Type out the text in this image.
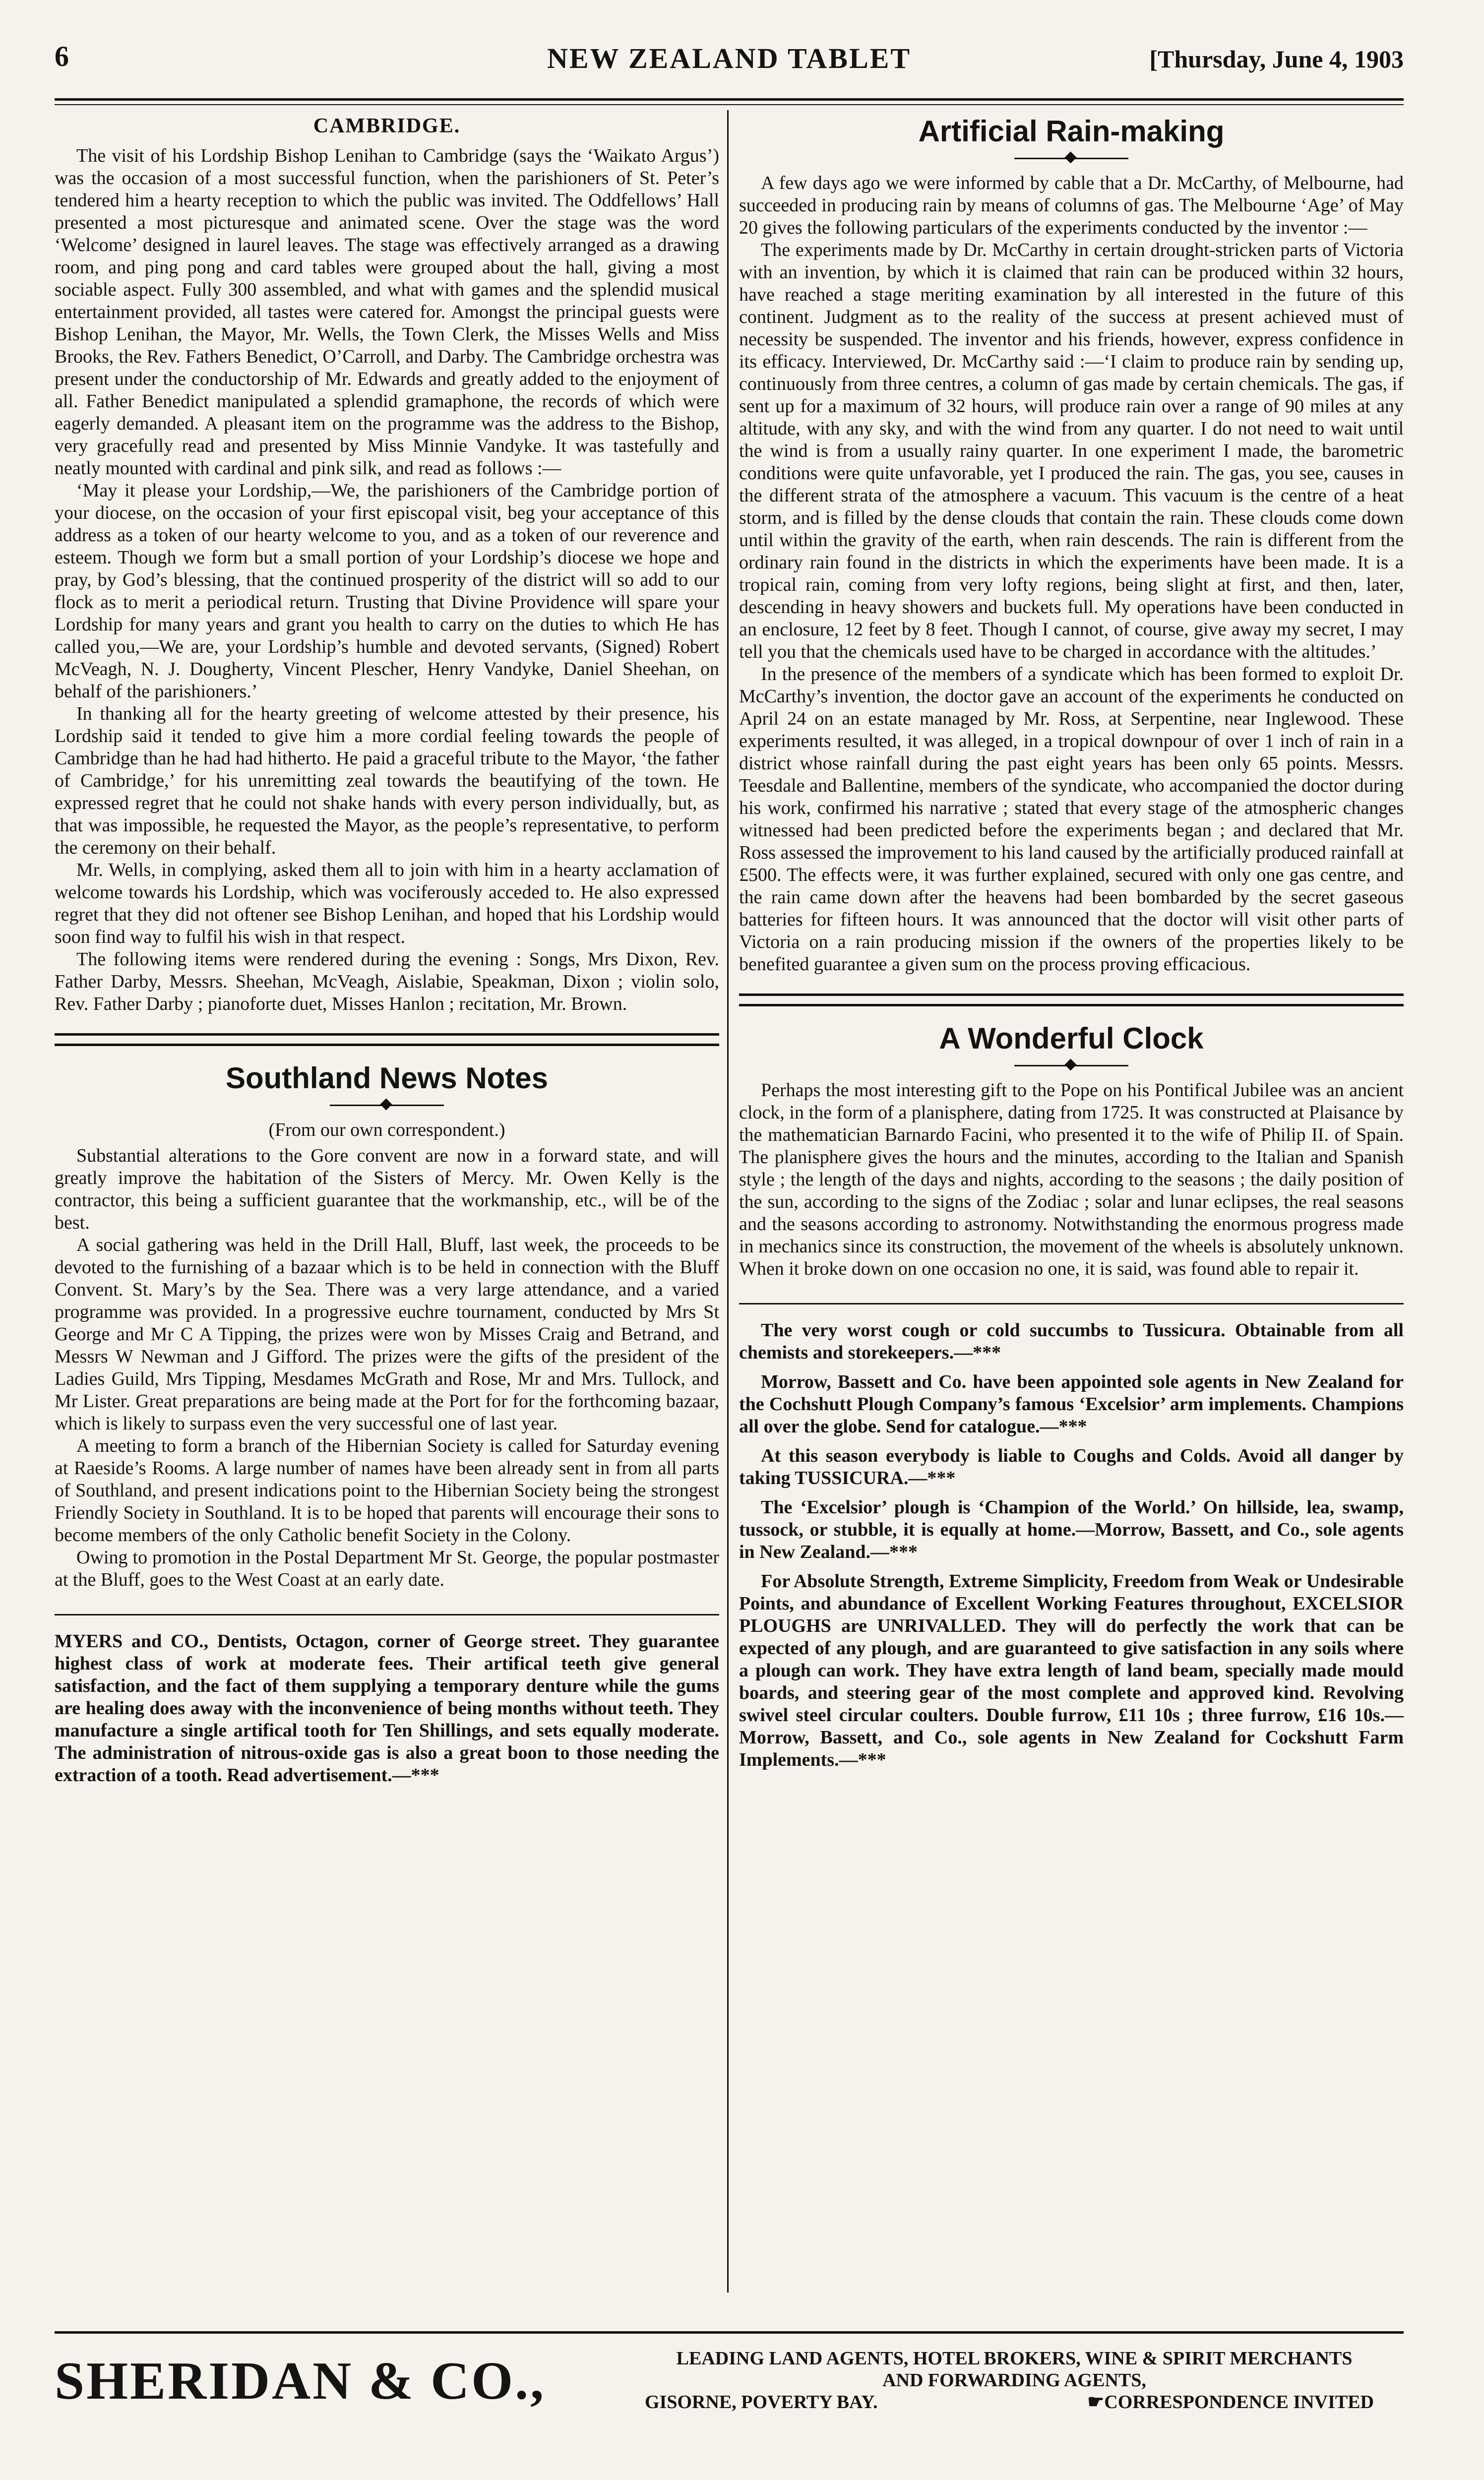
6	NEW ZEALAND TABLET	[Thursday, June 4, 1903
CAMBRIDGE.

The visit of his Lordship Bishop Lenihan to Cambridge (says the ‘Waikato Argus’) was the occasion of a most successful function, when the parishioners of St. Peter’s tendered him a hearty reception to which the public was invited. The Oddfellows’ Hall presented a most picturesque and animated scene. Over the stage was the word ‘Welcome’ designed in laurel leaves. The stage was effectively arranged as a drawing room, and ping pong and card tables were grouped about the hall, giving a most sociable aspect. Fully 300 assembled, and what with games and the splendid musical entertainment provided, all tastes were catered for. Amongst the principal guests were Bishop Lenihan, the Mayor, Mr. Wells, the Town Clerk, the Misses Wells and Miss Brooks, the Rev. Fathers Benedict, O’Carroll, and Darby. The Cambridge orchestra was present under the conductorship of Mr. Edwards and greatly added to the enjoyment of all. Father Benedict manipulated a splendid gramaphone, the records of which were eagerly demanded. A pleasant item on the programme was the address to the Bishop, very gracefully read and presented by Miss Minnie Vandyke. It was tastefully and neatly mounted with cardinal and pink silk, and read as follows :—

‘May it please your Lordship,—We, the parishioners of the Cambridge portion of your diocese, on the occasion of your first episcopal visit, beg your acceptance of this address as a token of our hearty welcome to you, and as a token of our reverence and esteem. Though we form but a small portion of your Lordship’s diocese we hope and pray, by God’s blessing, that the continued prosperity of the district will so add to our flock as to merit a periodical return. Trusting that Divine Providence will spare your Lordship for many years and grant you health to carry on the duties to which He has called you,—We are, your Lordship’s humble and devoted servants, (Signed) Robert McVeagh, N. J. Dougherty, Vincent Plescher, Henry Vandyke, Daniel Sheehan, on behalf of the parishioners.’

In thanking all for the hearty greeting of welcome attested by their presence, his Lordship said it tended to give him a more cordial feeling towards the people of Cambridge than he had had hitherto. He paid a graceful tribute to the Mayor, ‘the father of Cambridge,’ for his unremitting zeal towards the beautifying of the town. He expressed regret that he could not shake hands with every person individually, but, as that was impossible, he requested the Mayor, as the people’s representative, to perform the ceremony on their behalf.

Mr. Wells, in complying, asked them all to join with him in a hearty acclamation of welcome towards his Lordship, which was vociferously acceded to. He also expressed regret that they did not oftener see Bishop Lenihan, and hoped that his Lordship would soon find way to fulfil his wish in that respect.

The following items were rendered during the evening : Songs, Mrs Dixon, Rev. Father Darby, Messrs. Sheehan, McVeagh, Aislabie, Speakman, Dixon ; violin solo, Rev. Father Darby ; pianoforte duet, Misses Hanlon ; recitation, Mr. Brown.

Southland News Notes
(From our own correspondent.)

Substantial alterations to the Gore convent are now in a forward state, and will greatly improve the habitation of the Sisters of Mercy. Mr. Owen Kelly is the contractor, this being a sufficient guarantee that the workmanship, etc., will be of the best.

A social gathering was held in the Drill Hall, Bluff, last week, the proceeds to be devoted to the furnishing of a bazaar which is to be held in connection with the Bluff Convent. St. Mary’s by the Sea. There was a very large attendance, and a varied programme was provided. In a progressive euchre tournament, conducted by Mrs St George and Mr C A Tipping, the prizes were won by Misses Craig and Betrand, and Messrs W Newman and J Gifford. The prizes were the gifts of the president of the Ladies Guild, Mrs Tipping, Mesdames McGrath and Rose, Mr and Mrs. Tullock, and Mr Lister. Great preparations are being made at the Port for for the forthcoming bazaar, which is likely to surpass even the very successful one of last year.

A meeting to form a branch of the Hibernian Society is called for Saturday evening at Raeside’s Rooms. A large number of names have been already sent in from all parts of Southland, and present indications point to the Hibernian Society being the strongest Friendly Society in Southland. It is to be hoped that parents will encourage their sons to become members of the only Catholic benefit Society in the Colony.

Owing to promotion in the Postal Department Mr St. George, the popular postmaster at the Bluff, goes to the West Coast at an early date.

MYERS and CO., Dentists, Octagon, corner of George street. They guarantee highest class of work at moderate fees. Their artifical teeth give general satisfaction, and the fact of them supplying a temporary denture while the gums are healing does away with the inconvenience of being months without teeth. They manufacture a single artifical tooth for Ten Shillings, and sets equally moderate. The administration of nitrous-oxide gas is also a great boon to those needing the extraction of a tooth. Read advertisement.—***

Artificial Rain-making

A few days ago we were informed by cable that a Dr. McCarthy, of Melbourne, had succeeded in producing rain by means of columns of gas. The Melbourne ‘Age’ of May 20 gives the following particulars of the experiments conducted by the inventor :—

The experiments made by Dr. McCarthy in certain drought-stricken parts of Victoria with an invention, by which it is claimed that rain can be produced within 32 hours, have reached a stage meriting examination by all interested in the future of this continent. Judgment as to the reality of the success at present achieved must of necessity be suspended. The inventor and his friends, however, express confidence in its efficacy. Interviewed, Dr. McCarthy said :—‘I claim to produce rain by sending up, continuously from three centres, a column of gas made by certain chemicals. The gas, if sent up for a maximum of 32 hours, will produce rain over a range of 90 miles at any altitude, with any sky, and with the wind from any quarter. I do not need to wait until the wind is from a usually rainy quarter. In one experiment I made, the barometric conditions were quite unfavorable, yet I produced the rain. The gas, you see, causes in the different strata of the atmosphere a vacuum. This vacuum is the centre of a heat storm, and is filled by the dense clouds that contain the rain. These clouds come down until within the gravity of the earth, when rain descends. The rain is different from the ordinary rain found in the districts in which the experiments have been made. It is a tropical rain, coming from very lofty regions, being slight at first, and then, later, descending in heavy showers and buckets full. My operations have been conducted in an enclosure, 12 feet by 8 feet. Though I cannot, of course, give away my secret, I may tell you that the chemicals used have to be charged in accordance with the altitudes.’

In the presence of the members of a syndicate which has been formed to exploit Dr. McCarthy’s invention, the doctor gave an account of the experiments he conducted on April 24 on an estate managed by Mr. Ross, at Serpentine, near Inglewood. These experiments resulted, it was alleged, in a tropical downpour of over 1 inch of rain in a district whose rainfall during the past eight years has been only 65 points. Messrs. Teesdale and Ballentine, members of the syndicate, who accompanied the doctor during his work, confirmed his narrative ; stated that every stage of the atmospheric changes witnessed had been predicted before the experiments began ; and declared that Mr. Ross assessed the improvement to his land caused by the artificially produced rainfall at £500. The effects were, it was further explained, secured with only one gas centre, and the rain came down after the heavens had been bombarded by the secret gaseous batteries for fifteen hours. It was announced that the doctor will visit other parts of Victoria on a rain producing mission if the owners of the properties likely to be benefited guarantee a given sum on the process proving efficacious.

A Wonderful Clock

Perhaps the most interesting gift to the Pope on his Pontifical Jubilee was an ancient clock, in the form of a planisphere, dating from 1725. It was constructed at Plaisance by the mathematician Barnardo Facini, who presented it to the wife of Philip II. of Spain. The planisphere gives the hours and the minutes, according to the Italian and Spanish style ; the length of the days and nights, according to the seasons ; the daily position of the sun, according to the signs of the Zodiac ; solar and lunar eclipses, the real seasons and the seasons according to astronomy. Notwithstanding the enormous progress made in mechanics since its construction, the movement of the wheels is absolutely unknown. When it broke down on one occasion no one, it is said, was found able to repair it.

The very worst cough or cold succumbs to Tussicura. Obtainable from all chemists and storekeepers.—***

Morrow, Bassett and Co. have been appointed sole agents in New Zealand for the Cochshutt Plough Company’s famous ‘Excelsior’ arm implements. Champions all over the globe. Send for catalogue.—***

At this season everybody is liable to Coughs and Colds. Avoid all danger by taking TUSSICURA.—***

The ‘Excelsior’ plough is ‘Champion of the World.’ On hillside, lea, swamp, tussock, or stubble, it is equally at home.—Morrow, Bassett, and Co., sole agents in New Zealand.—***

For Absolute Strength, Extreme Simplicity, Freedom from Weak or Undesirable Points, and abundance of Excellent Working Features throughout, EXCELSIOR PLOUGHS are UNRIVALLED. They will do perfectly the work that can be expected of any plough, and are guaranteed to give satisfaction in any soils where a plough can work. They have extra length of land beam, specially made mould boards, and steering gear of the most complete and approved kind. Revolving swivel steel circular coulters. Double furrow, £11 10s ; three furrow, £16 10s.—Morrow, Bassett, and Co., sole agents in New Zealand for Cockshutt Farm Implements.—***

SHERIDAN & CO.,	LEADING LAND AGENTS, HOTEL BROKERS, WINE & SPIRIT MERCHANTS
AND FORWARDING AGENTS,
GISORNE, POVERTY BAY.	☛CORRESPONDENCE INVITED
